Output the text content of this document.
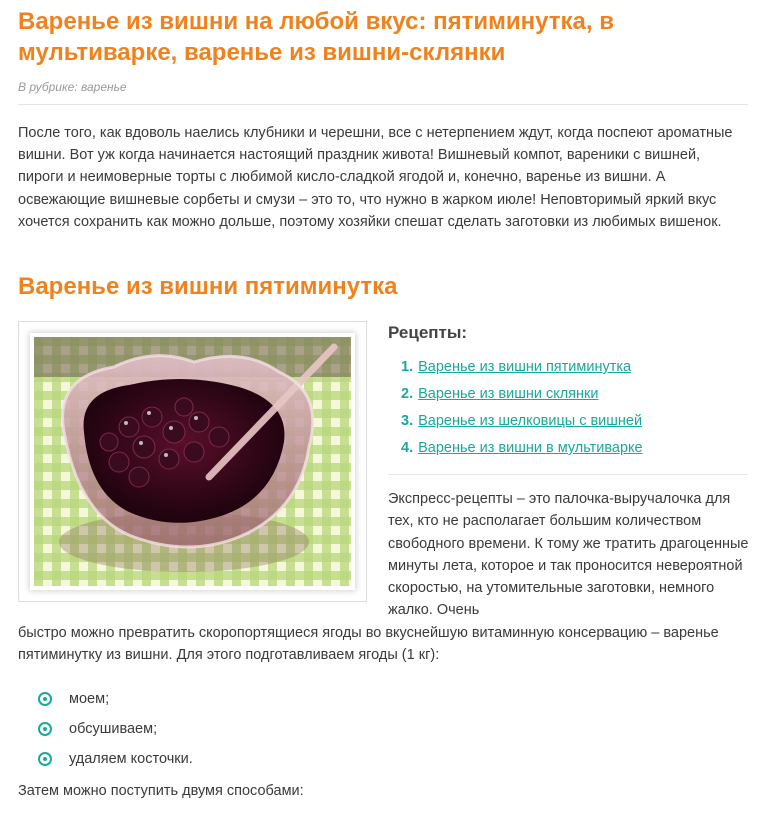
Варенье из вишни на любой вкус: пятиминутка, в мультиварке, варенье из вишни-склянки
В рубрике: варенье

После того, как вдоволь наелись клубники и черешни, все с нетерпением ждут, когда поспеют ароматные вишни. Вот уж когда начинается настоящий праздник живота! Вишневый компот, вареники с вишней, пироги и неимоверные торты с любимой кисло-сладкой ягодой и, конечно, варенье из вишни. А освежающие вишневые сорбеты и смузи – это то, что нужно в жарком июле! Неповторимый яркий вкус хочется сохранить как можно дольше, поэтому хозяйки спешат сделать заготовки из любимых вишенок.

Варенье из вишни пятиминутка
Рецепты:
1. Варенье из вишни пятиминутка
2. Варенье из вишни склянки
3. Варенье из шелковицы с вишней
4. Варенье из вишни в мультиварке

Экспресс-рецепты – это палочка-выручалочка для тех, кто не располагает большим количеством свободного времени. К тому же тратить драгоценные минуты лета, которое и так проносится невероятной скоростью, на утомительные заготовки, немного жалко. Очень

быстро можно превратить скоропортящиеся ягоды во вкуснейшую витаминную консервацию – варенье пятиминутку из вишни. Для этого подготавливаем ягоды (1 кг):

моем;
обсушиваем;
удаляем косточки.

Затем можно поступить двумя способами:
